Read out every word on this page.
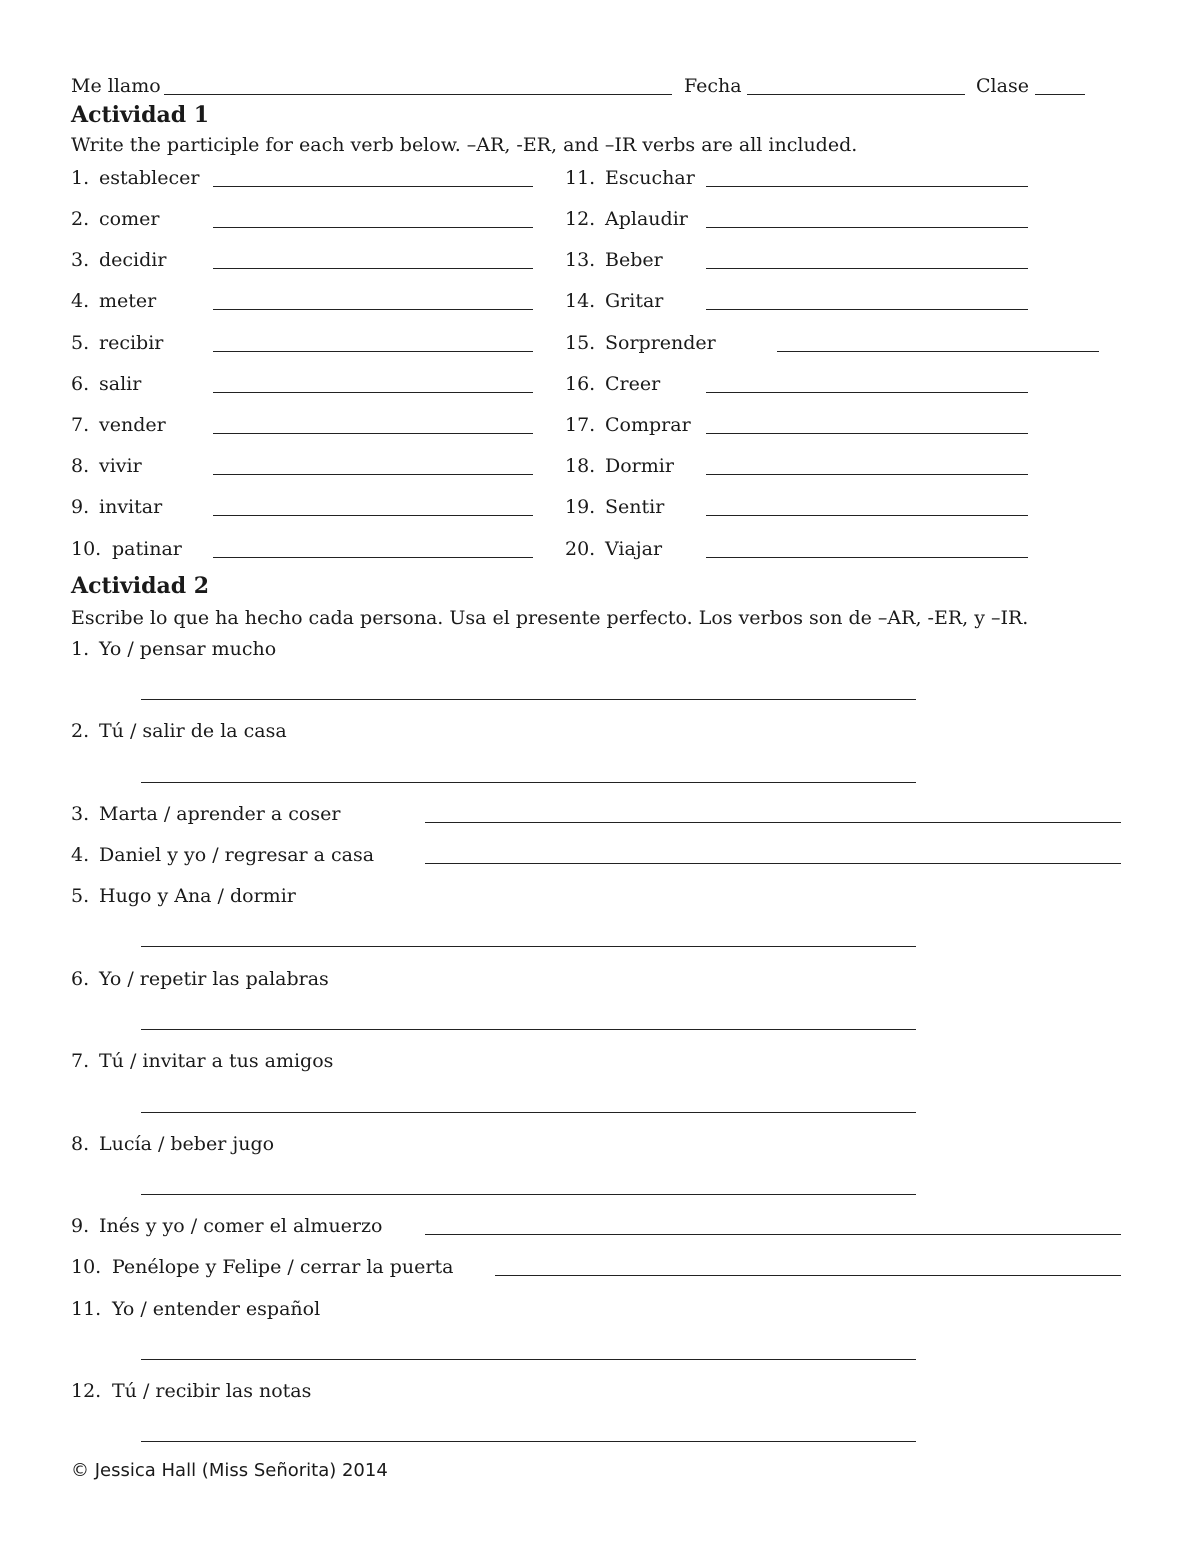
Me llamo	Fecha	Clase
Actividad 1
Write the participle for each verb below. –AR, -ER, and –IR verbs are all included.
1. establecer
2. comer
3. decidir
4. meter
5. recibir
6. salir
7. vender
8. vivir
9. invitar
10. patinar
11. Escuchar
12. Aplaudir
13. Beber
14. Gritar
15. Sorprender
16. Creer
17. Comprar
18. Dormir
19. Sentir
20. Viajar
Actividad 2
Escribe lo que ha hecho cada persona. Usa el presente perfecto. Los verbos son de –AR, -ER, y –IR.
1. Yo / pensar mucho
2. Tú / salir de la casa
3. Marta / aprender a coser
4. Daniel y yo / regresar a casa
5. Hugo y Ana / dormir
6. Yo / repetir las palabras
7. Tú / invitar a tus amigos
8. Lucía / beber jugo
9. Inés y yo / comer el almuerzo
10. Penélope y Felipe / cerrar la puerta
11. Yo / entender español
12. Tú / recibir las notas
© Jessica Hall (Miss Señorita) 2014
